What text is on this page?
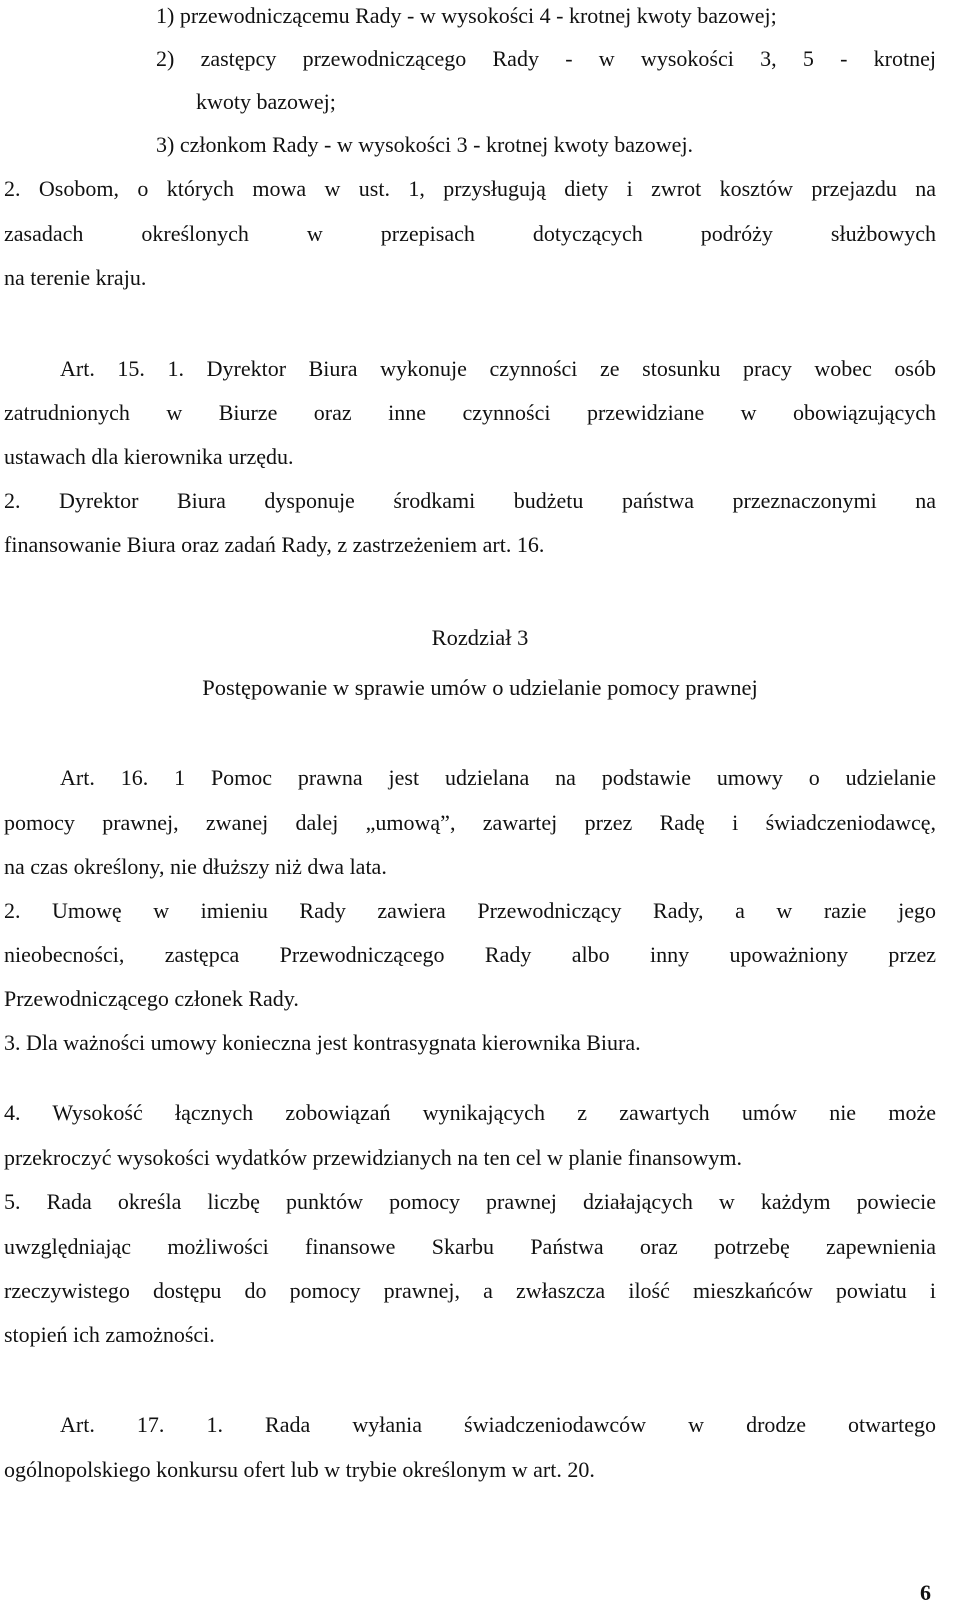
1) przewodniczącemu Rady - w wysokości 4 - krotnej kwoty bazowej;
2) zastępcy przewodniczącego Rady - w wysokości 3, 5 - krotnej
kwoty bazowej;
3) członkom Rady - w wysokości 3 - krotnej kwoty bazowej.
2. Osobom, o których mowa w ust. 1, przysługują diety i zwrot kosztów przejazdu na
zasadach określonych w przepisach dotyczących podróży służbowych
na terenie kraju.
Art. 15. 1. Dyrektor Biura wykonuje czynności ze stosunku pracy wobec osób
zatrudnionych w Biurze oraz inne czynności przewidziane w obowiązujących
ustawach dla kierownika urzędu.
2. Dyrektor Biura dysponuje środkami budżetu państwa przeznaczonymi na
finansowanie Biura oraz zadań Rady, z zastrzeżeniem art. 16.
Rozdział 3
Postępowanie w sprawie umów o udzielanie pomocy prawnej
Art. 16. 1 Pomoc prawna jest udzielana na podstawie umowy o udzielanie
pomocy prawnej, zwanej dalej „umową”, zawartej przez Radę i świadczeniodawcę,
na czas określony, nie dłuższy niż dwa lata.
2. Umowę w imieniu Rady zawiera Przewodniczący Rady, a w razie jego
nieobecności, zastępca Przewodniczącego Rady albo inny upoważniony przez
Przewodniczącego członek Rady.
3. Dla ważności umowy konieczna jest kontrasygnata kierownika Biura.
4. Wysokość łącznych zobowiązań wynikających z zawartych umów nie może
przekroczyć wysokości wydatków przewidzianych na ten cel w planie finansowym.
5. Rada określa liczbę punktów pomocy prawnej działających w każdym powiecie
uwzględniając możliwości finansowe Skarbu Państwa oraz potrzebę zapewnienia
rzeczywistego dostępu do pomocy prawnej, a zwłaszcza ilość mieszkańców powiatu i
stopień ich zamożności.
Art. 17. 1. Rada wyłania świadczeniodawców w drodze otwartego
ogólnopolskiego konkursu ofert lub w trybie określonym w art. 20.
6
